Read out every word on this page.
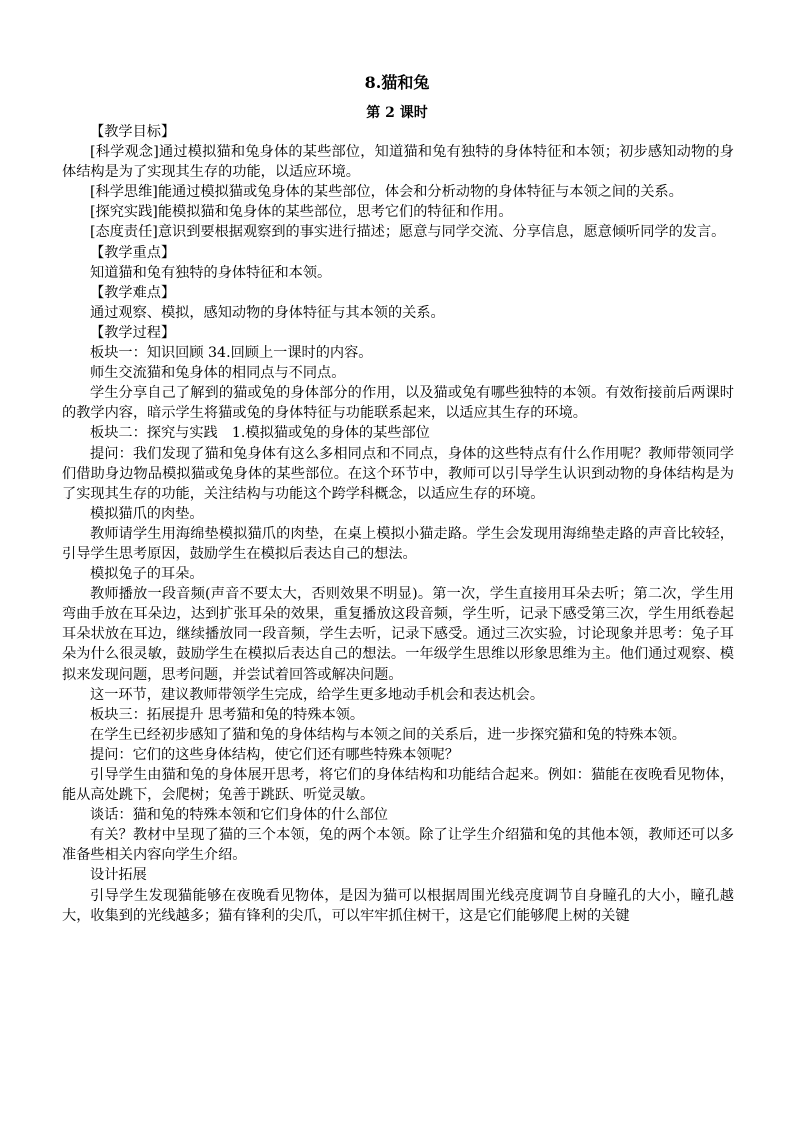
8.猫和兔
第 2 课时

【教学目标】

[科学观念]通过模拟猫和兔身体的某些部位，知道猫和兔有独特的身体特征和本领；初步感知动物的身体结构是为了实现其生存的功能，以适应环境。

[科学思维]能通过模拟猫或兔身体的某些部位，体会和分析动物的身体特征与本领之间的关系。

[探究实践]能模拟猫和兔身体的某些部位，思考它们的特征和作用。

[态度责任]意识到要根据观察到的事实进行描述；愿意与同学交流、分享信息，愿意倾听同学的发言。

【教学重点】

知道猫和兔有独特的身体特征和本领。

【教学难点】

通过观察、模拟，感知动物的身体特征与其本领的关系。

【教学过程】

板块一：知识回顾 34.回顾上一课时的内容。

师生交流猫和兔身体的相同点与不同点。

学生分享自己了解到的猫或兔的身体部分的作用，以及猫或兔有哪些独特的本领。有效衔接前后两课时的教学内容，暗示学生将猫或兔的身体特征与功能联系起来，以适应其生存的环境。

板块二：探究与实践　1.模拟猫或兔的身体的某些部位

提问：我们发现了猫和兔身体有这么多相同点和不同点，身体的这些特点有什么作用呢？教师带领同学们借助身边物品模拟猫或兔身体的某些部位。在这个环节中，教师可以引导学生认识到动物的身体结构是为了实现其生存的功能，关注结构与功能这个跨学科概念，以适应生存的环境。

模拟猫爪的肉垫。

教师请学生用海绵垫模拟猫爪的肉垫，在桌上模拟小猫走路。学生会发现用海绵垫走路的声音比较轻，引导学生思考原因，鼓励学生在模拟后表达自己的想法。

模拟兔子的耳朵。

教师播放一段音频(声音不要太大，否则效果不明显)。第一次，学生直接用耳朵去听；第二次，学生用弯曲手放在耳朵边，达到扩张耳朵的效果，重复播放这段音频，学生听，记录下感受第三次，学生用纸卷起耳朵状放在耳边，继续播放同一段音频，学生去听，记录下感受。通过三次实验，讨论现象并思考：兔子耳朵为什么很灵敏，鼓励学生在模拟后表达自己的想法。一年级学生思维以形象思维为主。他们通过观察、模拟来发现问题，思考问题，并尝试着回答或解决问题。

这一环节，建议教师带领学生完成，给学生更多地动手机会和表达机会。

板块三：拓展提升 思考猫和兔的特殊本领。

在学生已经初步感知了猫和兔的身体结构与本领之间的关系后，进一步探究猫和兔的特殊本领。

提问：它们的这些身体结构，使它们还有哪些特殊本领呢？

引导学生由猫和兔的身体展开思考，将它们的身体结构和功能结合起来。例如：猫能在夜晚看见物体，能从高处跳下，会爬树；兔善于跳跃、听觉灵敏。

谈话：猫和兔的特殊本领和它们身体的什么部位

有关？教材中呈现了猫的三个本领，兔的两个本领。除了让学生介绍猫和兔的其他本领，教师还可以多准备些相关内容向学生介绍。

设计拓展

引导学生发现猫能够在夜晚看见物体，是因为猫可以根据周围光线亮度调节自身瞳孔的大小，瞳孔越大，收集到的光线越多；猫有锋利的尖爪，可以牢牢抓住树干，这是它们能够爬上树的关键
